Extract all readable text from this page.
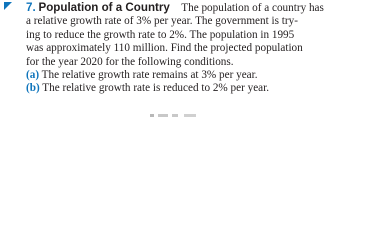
7. Population of a Country The population of a country has
a relative growth rate of 3% per year. The government is try-
ing to reduce the growth rate to 2%. The population in 1995
was approximately 110 million. Find the projected population
for the year 2020 for the following conditions.
(a) The relative growth rate remains at 3% per year.
(b) The relative growth rate is reduced to 2% per year.
